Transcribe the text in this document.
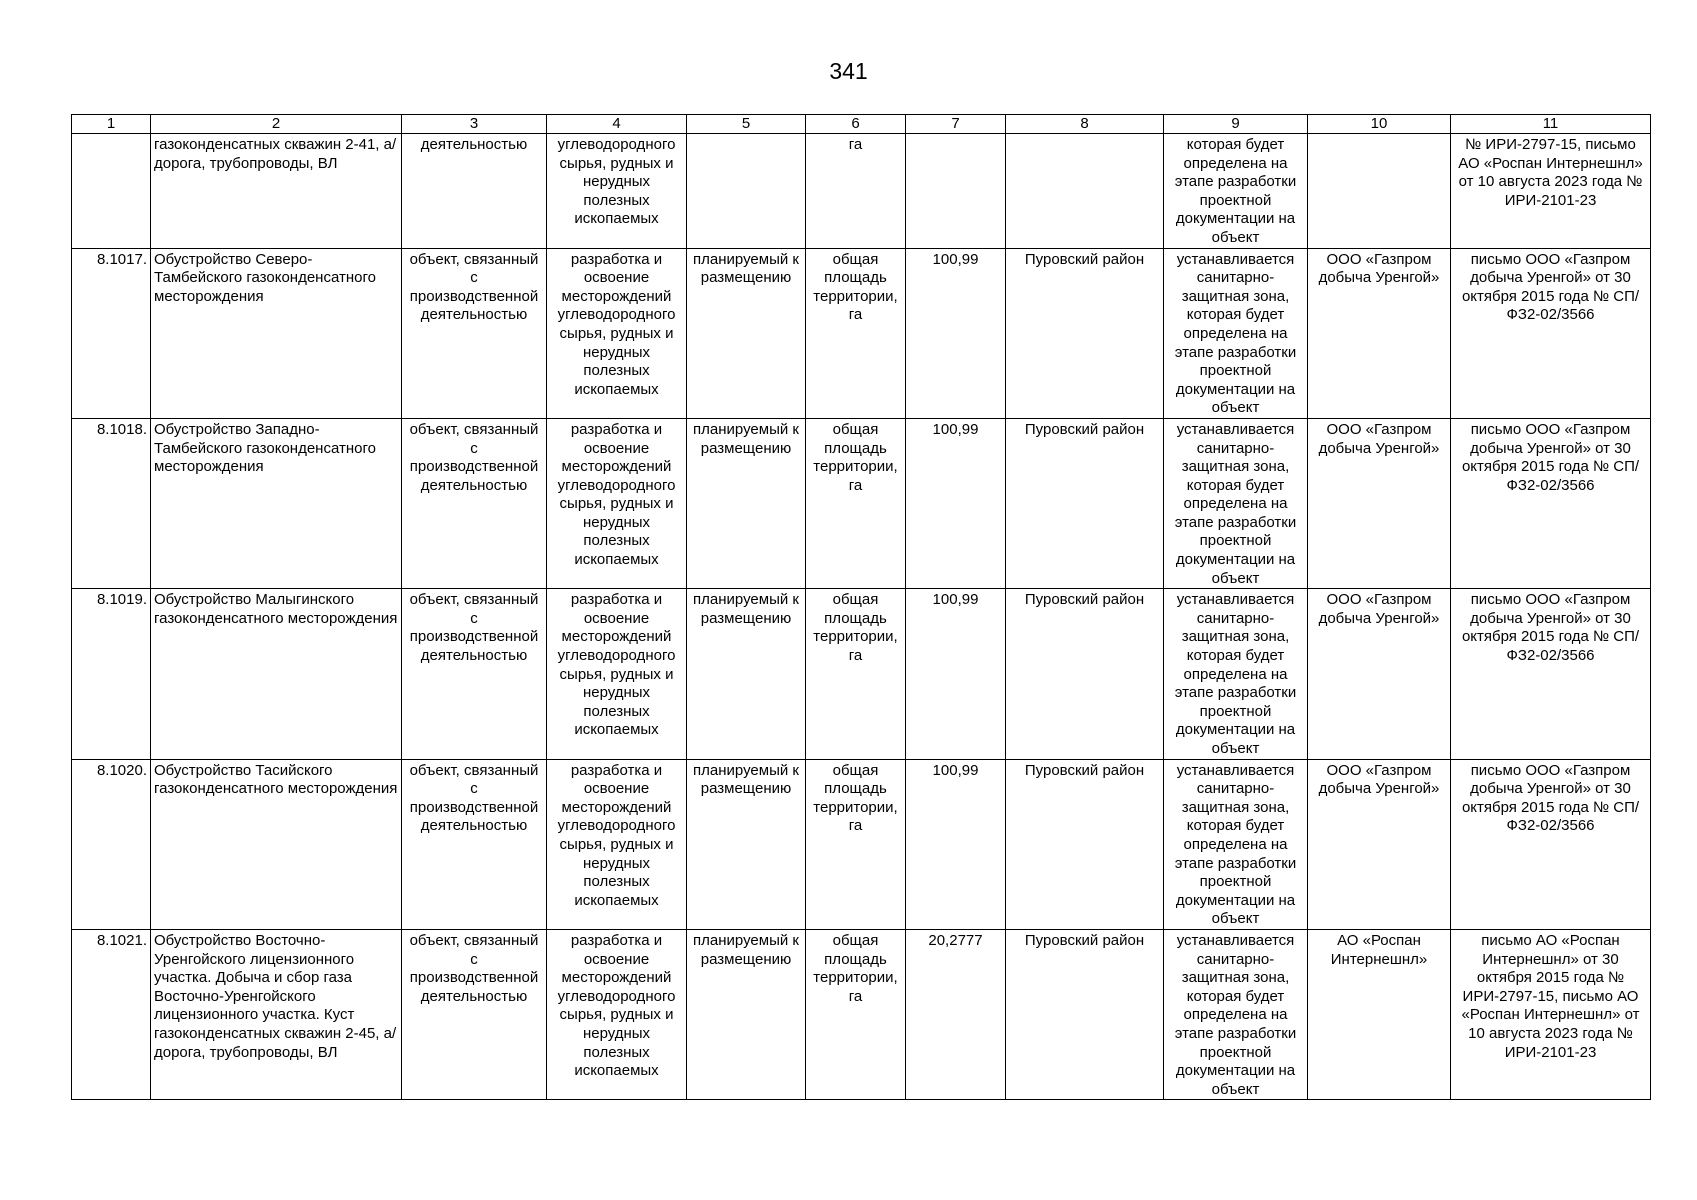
341
1	2	3	4	5	6	7	8	9	10	11
	газоконденсатных скважин 2-41, а/дорога, трубопроводы, ВЛ	деятельностью	углеводородного сырья, рудных и нерудных полезных ископаемых		га			которая будет определена на этапе разработки проектной документации на объект		№ ИРИ-2797-15, письмо АО «Роспан Интернешнл» от 10 августа 2023 года № ИРИ-2101-23
8.1017.	Обустройство Северо-Тамбейского газоконденсатного месторождения	объект, связанный с производственной деятельностью	разработка и освоение месторождений углеводородного сырья, рудных и нерудных полезных ископаемых	планируемый к размещению	общая площадь территории, га	100,99	Пуровский район	устанавливается санитарно-защитная зона, которая будет определена на этапе разработки проектной документации на объект	ООО «Газпром добыча Уренгой»	письмо ООО «Газпром добыча Уренгой» от 30 октября 2015 года № СП/ФЗ2-02/3566
8.1018.	Обустройство Западно-Тамбейского газоконденсатного месторождения	объект, связанный с производственной деятельностью	разработка и освоение месторождений углеводородного сырья, рудных и нерудных полезных ископаемых	планируемый к размещению	общая площадь территории, га	100,99	Пуровский район	устанавливается санитарно-защитная зона, которая будет определена на этапе разработки проектной документации на объект	ООО «Газпром добыча Уренгой»	письмо ООО «Газпром добыча Уренгой» от 30 октября 2015 года № СП/ФЗ2-02/3566
8.1019.	Обустройство Малыгинского газоконденсатного месторождения	объект, связанный с производственной деятельностью	разработка и освоение месторождений углеводородного сырья, рудных и нерудных полезных ископаемых	планируемый к размещению	общая площадь территории, га	100,99	Пуровский район	устанавливается санитарно-защитная зона, которая будет определена на этапе разработки проектной документации на объект	ООО «Газпром добыча Уренгой»	письмо ООО «Газпром добыча Уренгой» от 30 октября 2015 года № СП/ФЗ2-02/3566
8.1020.	Обустройство Тасийского газоконденсатного месторождения	объект, связанный с производственной деятельностью	разработка и освоение месторождений углеводородного сырья, рудных и нерудных полезных ископаемых	планируемый к размещению	общая площадь территории, га	100,99	Пуровский район	устанавливается санитарно-защитная зона, которая будет определена на этапе разработки проектной документации на объект	ООО «Газпром добыча Уренгой»	письмо ООО «Газпром добыча Уренгой» от 30 октября 2015 года № СП/ФЗ2-02/3566
8.1021.	Обустройство Восточно-Уренгойского лицензионного участка. Добыча и сбор газа Восточно-Уренгойского лицензионного участка. Куст газоконденсатных скважин 2-45, а/дорога, трубопроводы, ВЛ	объект, связанный с производственной деятельностью	разработка и освоение месторождений углеводородного сырья, рудных и нерудных полезных ископаемых	планируемый к размещению	общая площадь территории, га	20,2777	Пуровский район	устанавливается санитарно-защитная зона, которая будет определена на этапе разработки проектной документации на объект	АО «Роспан Интернешнл»	письмо АО «Роспан Интернешнл» от 30 октября 2015 года № ИРИ-2797-15, письмо АО «Роспан Интернешнл» от 10 августа 2023 года № ИРИ-2101-23
